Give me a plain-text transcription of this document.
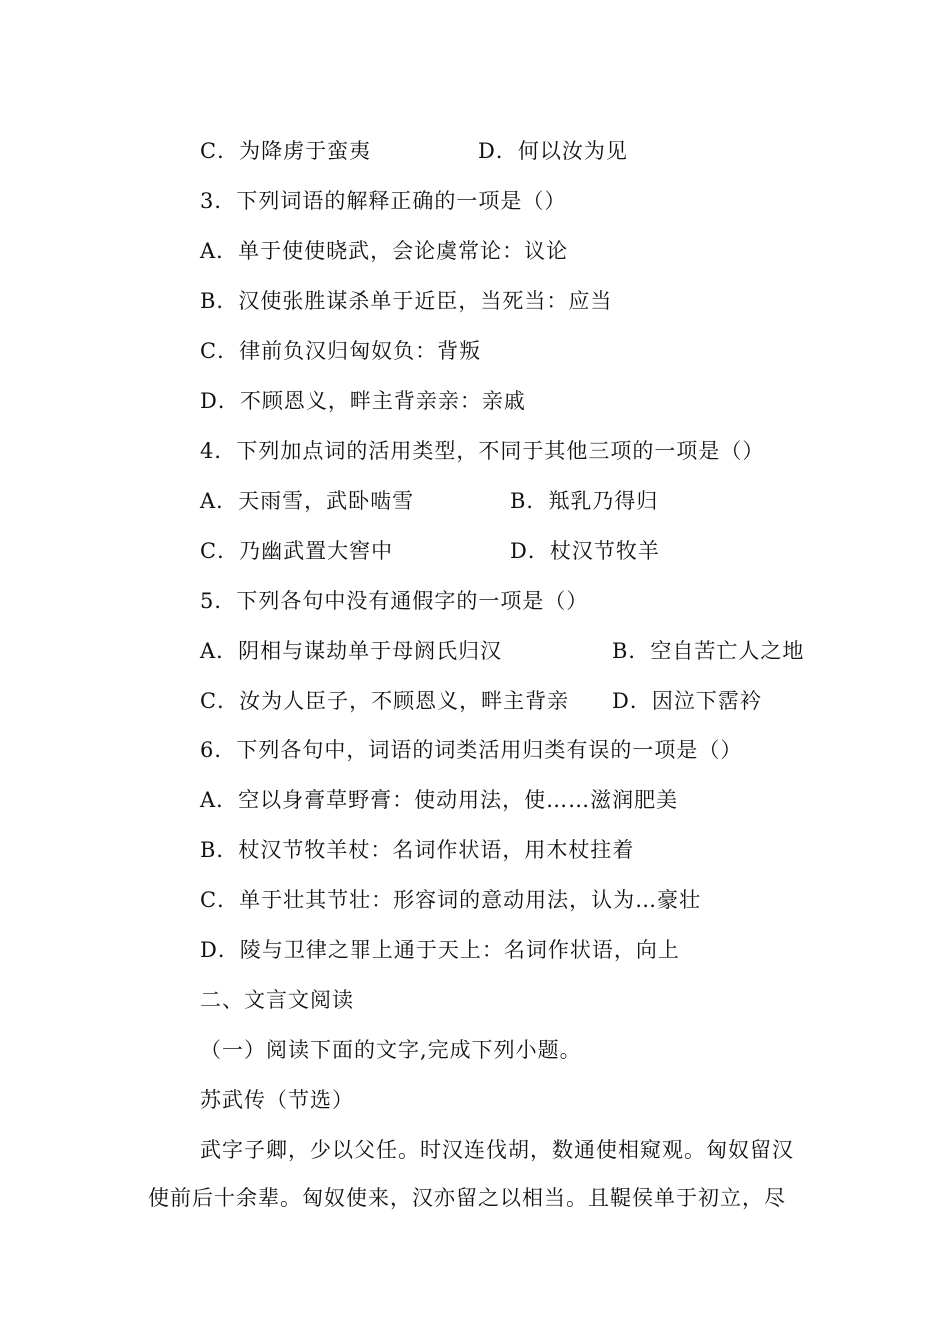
C．为降虏于蛮夷	D．何以汝为见
3．下列词语的解释正确的一项是（）
A．单于使使晓武，会论虞常论：议论
B．汉使张胜谋杀单于近臣，当死当：应当
C．律前负汉归匈奴负：背叛
D．不顾恩义，畔主背亲亲：亲戚
4．下列加点词的活用类型，不同于其他三项的一项是（）
A．天雨雪，武卧啮雪	B．羝乳乃得归
C．乃幽武置大窖中	D．杖汉节牧羊
5．下列各句中没有通假字的一项是（）
A．阴相与谋劫单于母阏氏归汉	B．空自苦亡人之地
C．汝为人臣子，不顾恩义，畔主背亲 D．因泣下霑衿
6．下列各句中，词语的词类活用归类有误的一项是（）
A．空以身膏草野膏：使动用法，使……滋润肥美
B．杖汉节牧羊杖：名词作状语，用木杖拄着
C．单于壮其节壮：形容词的意动用法，认为…豪壮
D．陵与卫律之罪上通于天上：名词作状语，向上
二、文言文阅读
（一）阅读下面的文字,完成下列小题。
苏武传（节选）
武字子卿，少以父任。时汉连伐胡，数通使相窥观。匈奴留汉
使前后十余辈。匈奴使来，汉亦留之以相当。且鞮侯单于初立，尽
